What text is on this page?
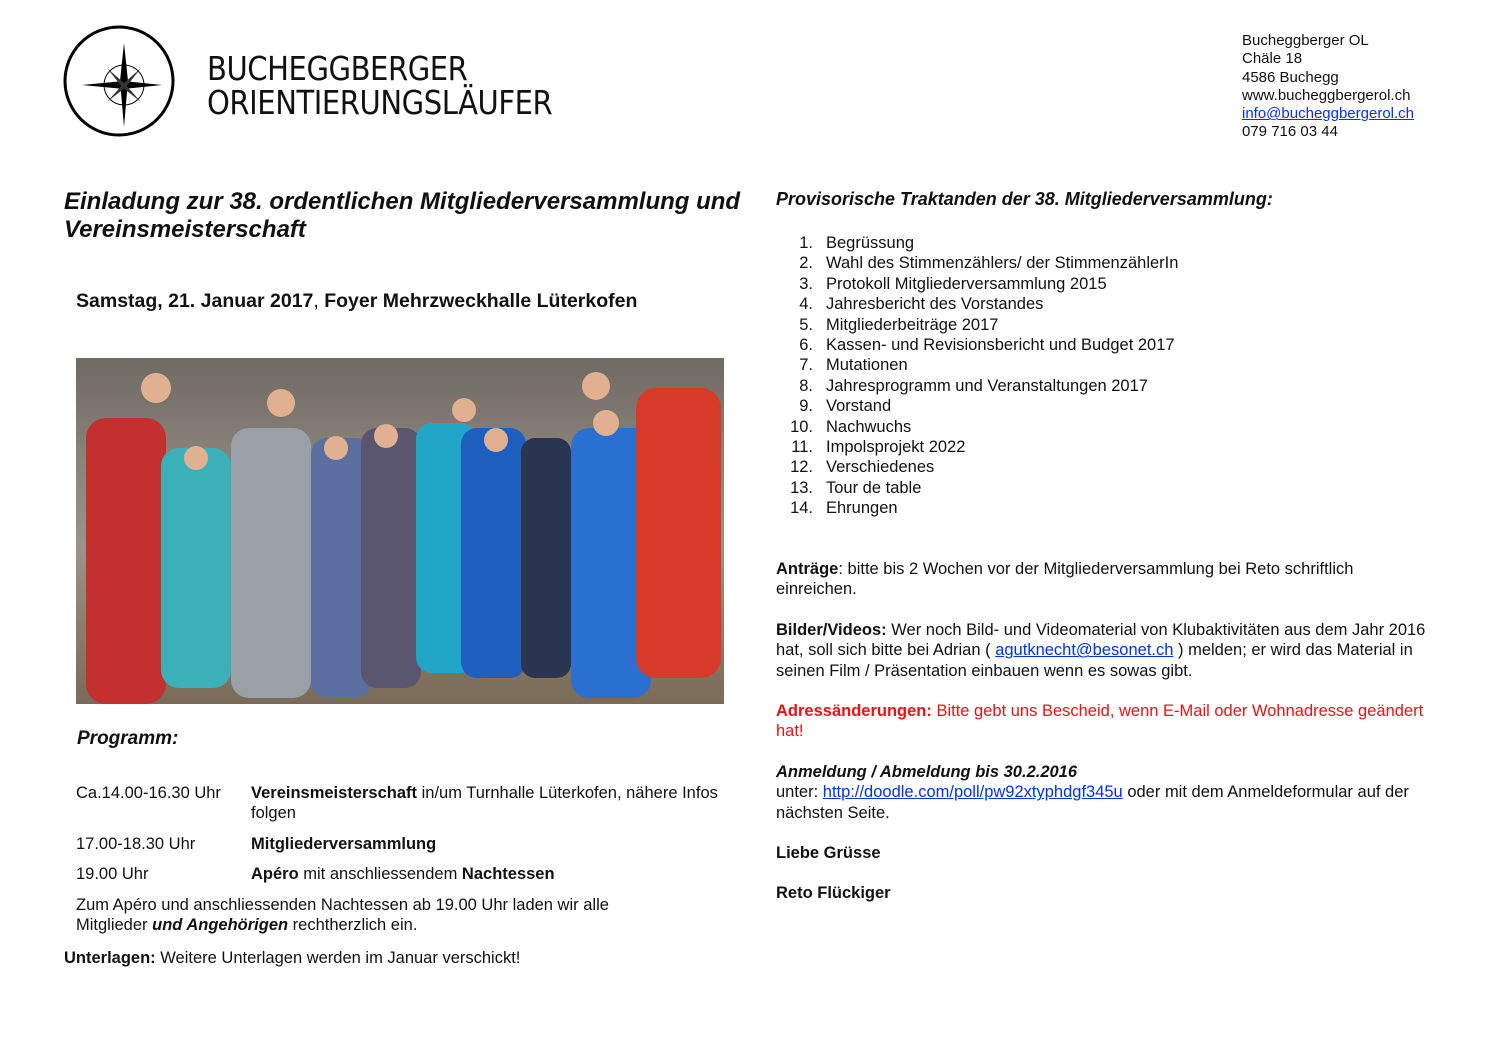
BUCHEGGBERGER
ORIENTIERUNGSLÄUFER
Bucheggberger OL
Chäle 18
4586 Buchegg
www.bucheggbergerol.ch
info@bucheggbergerol.ch
079 716 03 44
Einladung zur 38. ordentlichen Mitgliederversammlung und Vereinsmeisterschaft
Samstag, 21. Januar 2017, Foyer Mehrzweckhalle Lüterkofen
Programm:
Ca.14.00-16.30 Uhr	Vereinsmeisterschaft in/um Turnhalle Lüterkofen, nähere Infos folgen
17.00-18.30 Uhr	Mitgliederversammlung
19.00 Uhr	Apéro mit anschliessendem Nachtessen
Zum Apéro und anschliessenden Nachtessen ab 19.00 Uhr laden wir alle Mitglieder und Angehörigen rechtherzlich ein.
Unterlagen: Weitere Unterlagen werden im Januar verschickt!
Provisorische Traktanden der 38. Mitgliederversammlung:
1. Begrüssung
2. Wahl des Stimmenzählers/ der StimmenzählerIn
3. Protokoll Mitgliederversammlung 2015
4. Jahresbericht des Vorstandes
5. Mitgliederbeiträge 2017
6. Kassen- und Revisionsbericht und Budget 2017
7. Mutationen
8. Jahresprogramm und Veranstaltungen 2017
9. Vorstand
10. Nachwuchs
11. Impolsprojekt 2022
12. Verschiedenes
13. Tour de table
14. Ehrungen
Anträge: bitte bis 2 Wochen vor der Mitgliederversammlung bei Reto schriftlich einreichen.
Bilder/Videos: Wer noch Bild- und Videomaterial von Klubaktivitäten aus dem Jahr 2016 hat, soll sich bitte bei Adrian ( agutknecht@besonet.ch ) melden; er wird das Material in seinen Film / Präsentation einbauen wenn es sowas gibt.
Adressänderungen: Bitte gebt uns Bescheid, wenn E-Mail oder Wohnadresse geändert hat!
Anmeldung / Abmeldung bis 30.2.2016
unter: http://doodle.com/poll/pw92xtyphdgf345u oder mit dem Anmeldeformular auf der nächsten Seite.
Liebe Grüsse
Reto Flückiger
